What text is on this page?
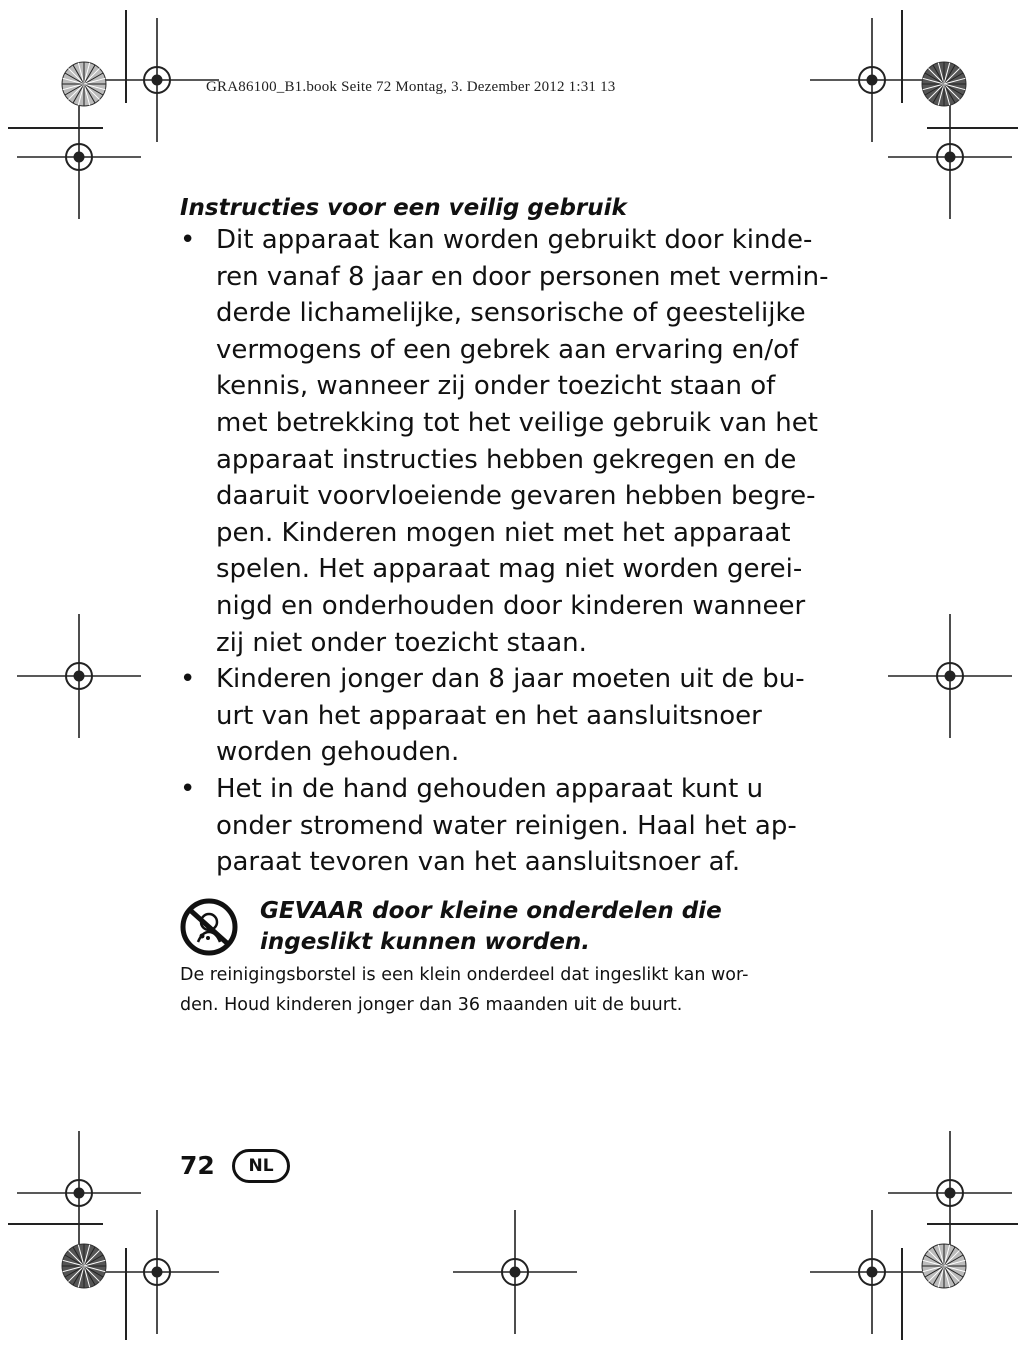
GRA86100_B1.book Seite 72 Montag, 3. Dezember 2012 1:31 13

Instructies voor een veilig gebruik
• Dit apparaat kan worden gebruikt door kinde-
ren vanaf 8 jaar en door personen met vermin-
derde lichamelijke, sensorische of geestelijke
vermogens of een gebrek aan ervaring en/of
kennis, wanneer zij onder toezicht staan of
met betrekking tot het veilige gebruik van het
apparaat instructies hebben gekregen en de
daaruit voorvloeiende gevaren hebben begre-
pen. Kinderen mogen niet met het apparaat
spelen. Het apparaat mag niet worden gerei-
nigd en onderhouden door kinderen wanneer
zij niet onder toezicht staan.
• Kinderen jonger dan 8 jaar moeten uit de bu-
urt van het apparaat en het aansluitsnoer
worden gehouden.
• Het in de hand gehouden apparaat kunt u
onder stromend water reinigen. Haal het ap-
paraat tevoren van het aansluitsnoer af.
GEVAAR door kleine onderdelen die
ingeslikt kunnen worden.

De reinigingsborstel is een klein onderdeel dat ingeslikt kan wor-
den. Houd kinderen jonger dan 36 maanden uit de buurt.

72	NL
